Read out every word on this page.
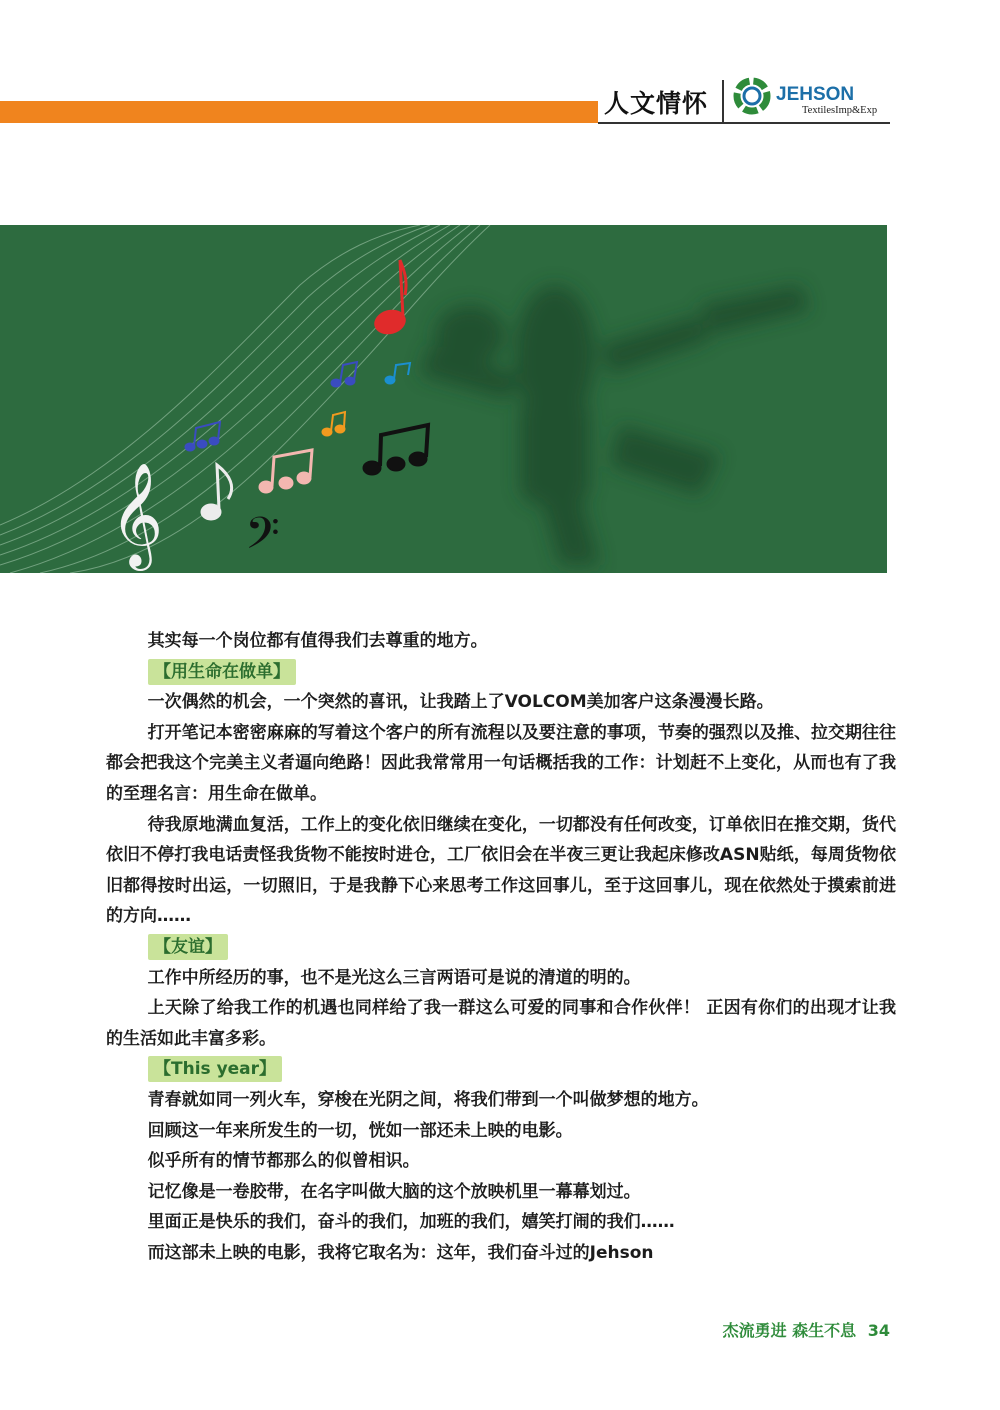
人文情怀	JEHSON
TextilesImp&Exp
𝄞 𝄢

其实每一个岗位都有值得我们去尊重的地方。

【用生命在做单】

一次偶然的机会，一个突然的喜讯，让我踏上了VOLCOM美加客户这条漫漫长路。

打开笔记本密密麻麻的写着这个客户的所有流程以及要注意的事项，节奏的强烈以及推、拉交期往往都会把我这个完美主义者逼向绝路！因此我常常用一句话概括我的工作：计划赶不上变化，从而也有了我的至理名言：用生命在做单。

待我原地满血复活，工作上的变化依旧继续在变化，一切都没有任何改变，订单依旧在推交期，货代依旧不停打我电话责怪我货物不能按时进仓，工厂依旧会在半夜三更让我起床修改ASN贴纸，每周货物依旧都得按时出运，一切照旧，于是我静下心来思考工作这回事儿，至于这回事儿，现在依然处于摸索前进的方向……

【友谊】

工作中所经历的事，也不是光这么三言两语可是说的清道的明的。

上天除了给我工作的机遇也同样给了我一群这么可爱的同事和合作伙伴！ 正因有你们的出现才让我的生活如此丰富多彩。

【This year】

青春就如同一列火车，穿梭在光阴之间，将我们带到一个叫做梦想的地方。

回顾这一年来所发生的一切，恍如一部还未上映的电影。

似乎所有的情节都那么的似曾相识。

记忆像是一卷胶带，在名字叫做大脑的这个放映机里一幕幕划过。

里面正是快乐的我们，奋斗的我们，加班的我们，嬉笑打闹的我们……

而这部未上映的电影，我将它取名为：这年，我们奋斗过的Jehson

杰流勇进 森生不息 34
